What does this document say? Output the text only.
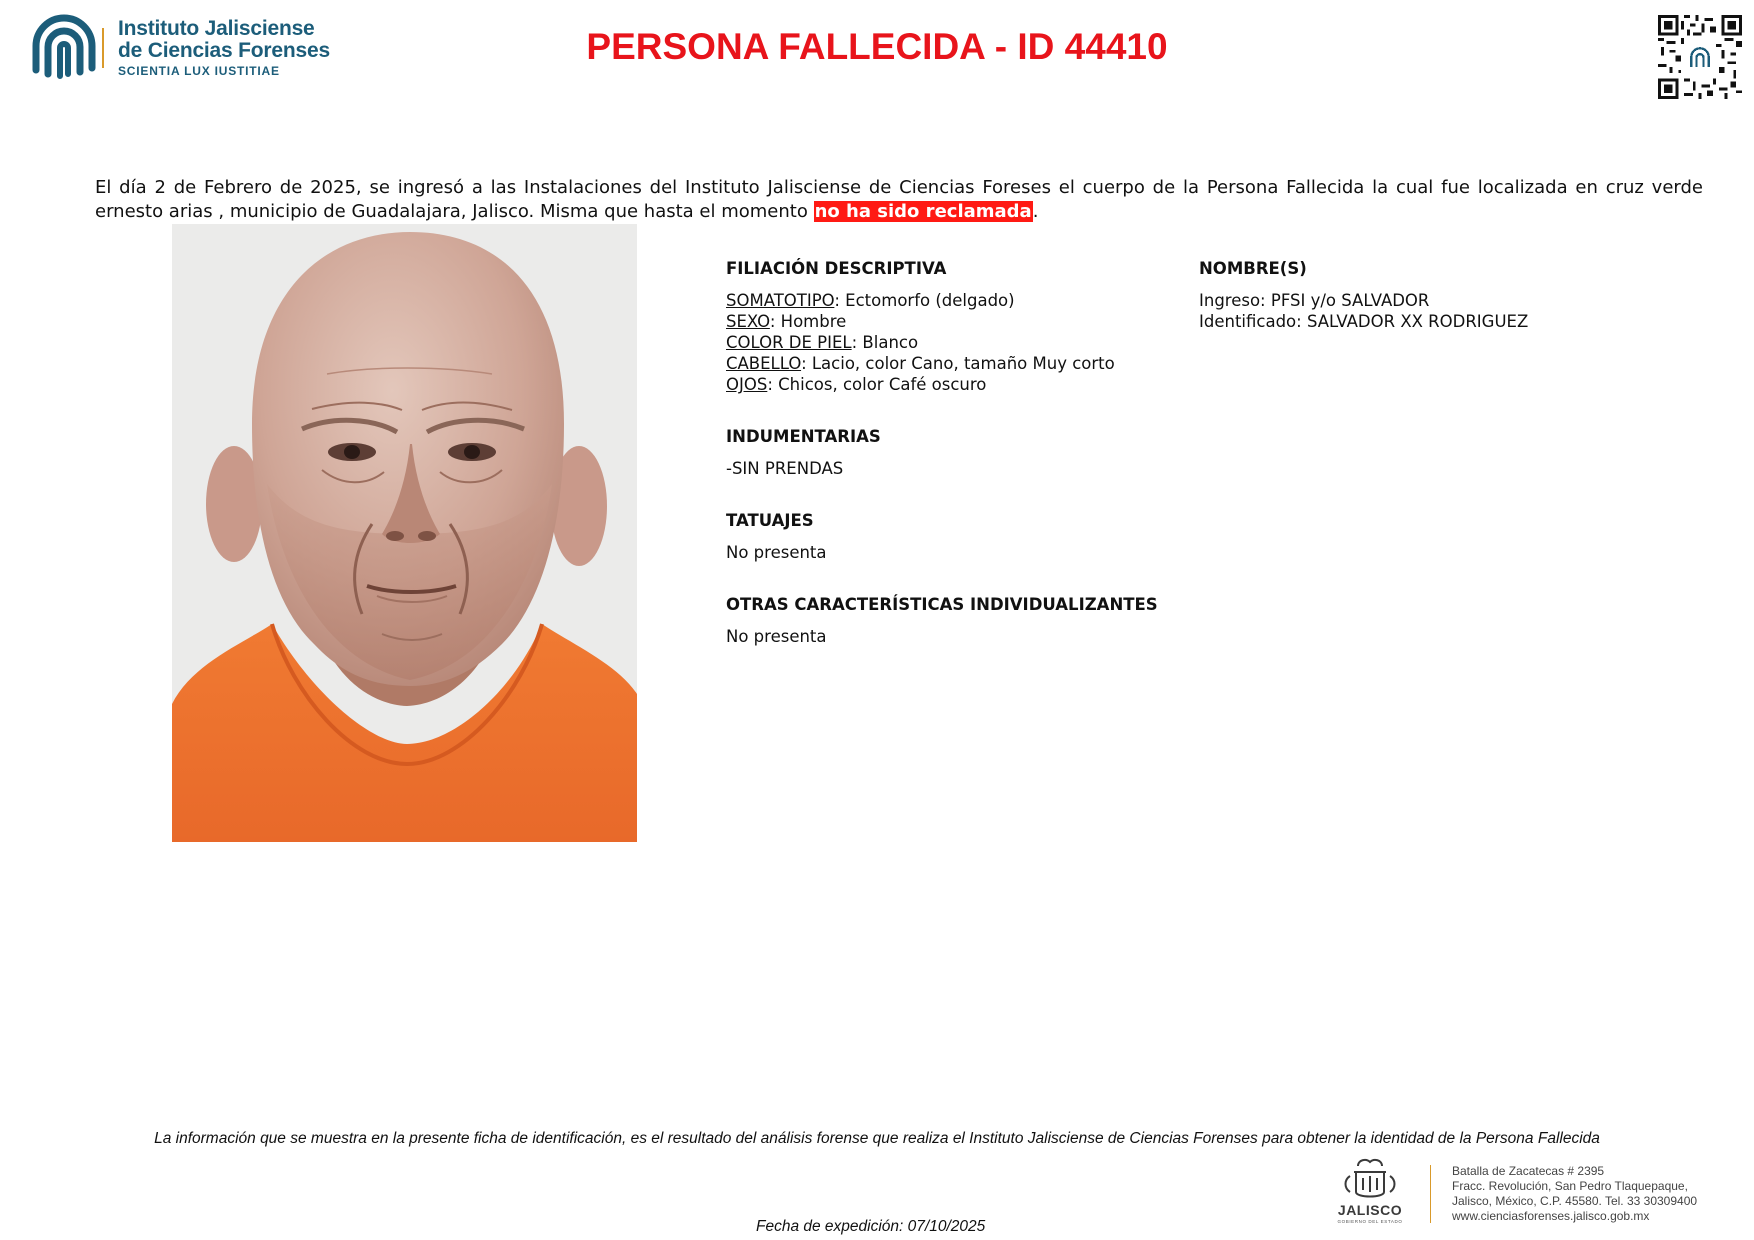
Instituto Jalisciense
de Ciencias Forenses
SCIENTIA LUX IUSTITIAE
PERSONA FALLECIDA - ID 44410

El día 2 de Febrero de 2025, se ingresó a las Instalaciones del Instituto Jalisciense de Ciencias Foreses el cuerpo de la Persona Fallecida la cual fue localizada en cruz verde ernesto arias , municipio de Guadalajara, Jalisco. Misma que hasta el momento no ha sido reclamada.

FILIACIÓN DESCRIPTIVA
SOMATOTIPO: Ectomorfo (delgado)
SEXO: Hombre
COLOR DE PIEL: Blanco
CABELLO: Lacio, color Cano, tamaño Muy corto
OJOS: Chicos, color Café oscuro
INDUMENTARIAS
-SIN PRENDAS
TATUAJES
No presenta
OTRAS CARACTERÍSTICAS INDIVIDUALIZANTES
No presenta
NOMBRE(S)
Ingreso: PFSI y/o SALVADOR
Identificado: SALVADOR XX RODRIGUEZ
La información que se muestra en la presente ficha de identificación, es el resultado del análisis forense que realiza el Instituto Jalisciense de Ciencias Forenses para obtener la identidad de la Persona Fallecida
Fecha de expedición: 07/10/2025
JALISCO
GOBIERNO DEL ESTADO
Batalla de Zacatecas # 2395
Fracc. Revolución, San Pedro Tlaquepaque,
Jalisco, México, C.P. 45580. Tel. 33 30309400
www.cienciasforenses.jalisco.gob.mx
